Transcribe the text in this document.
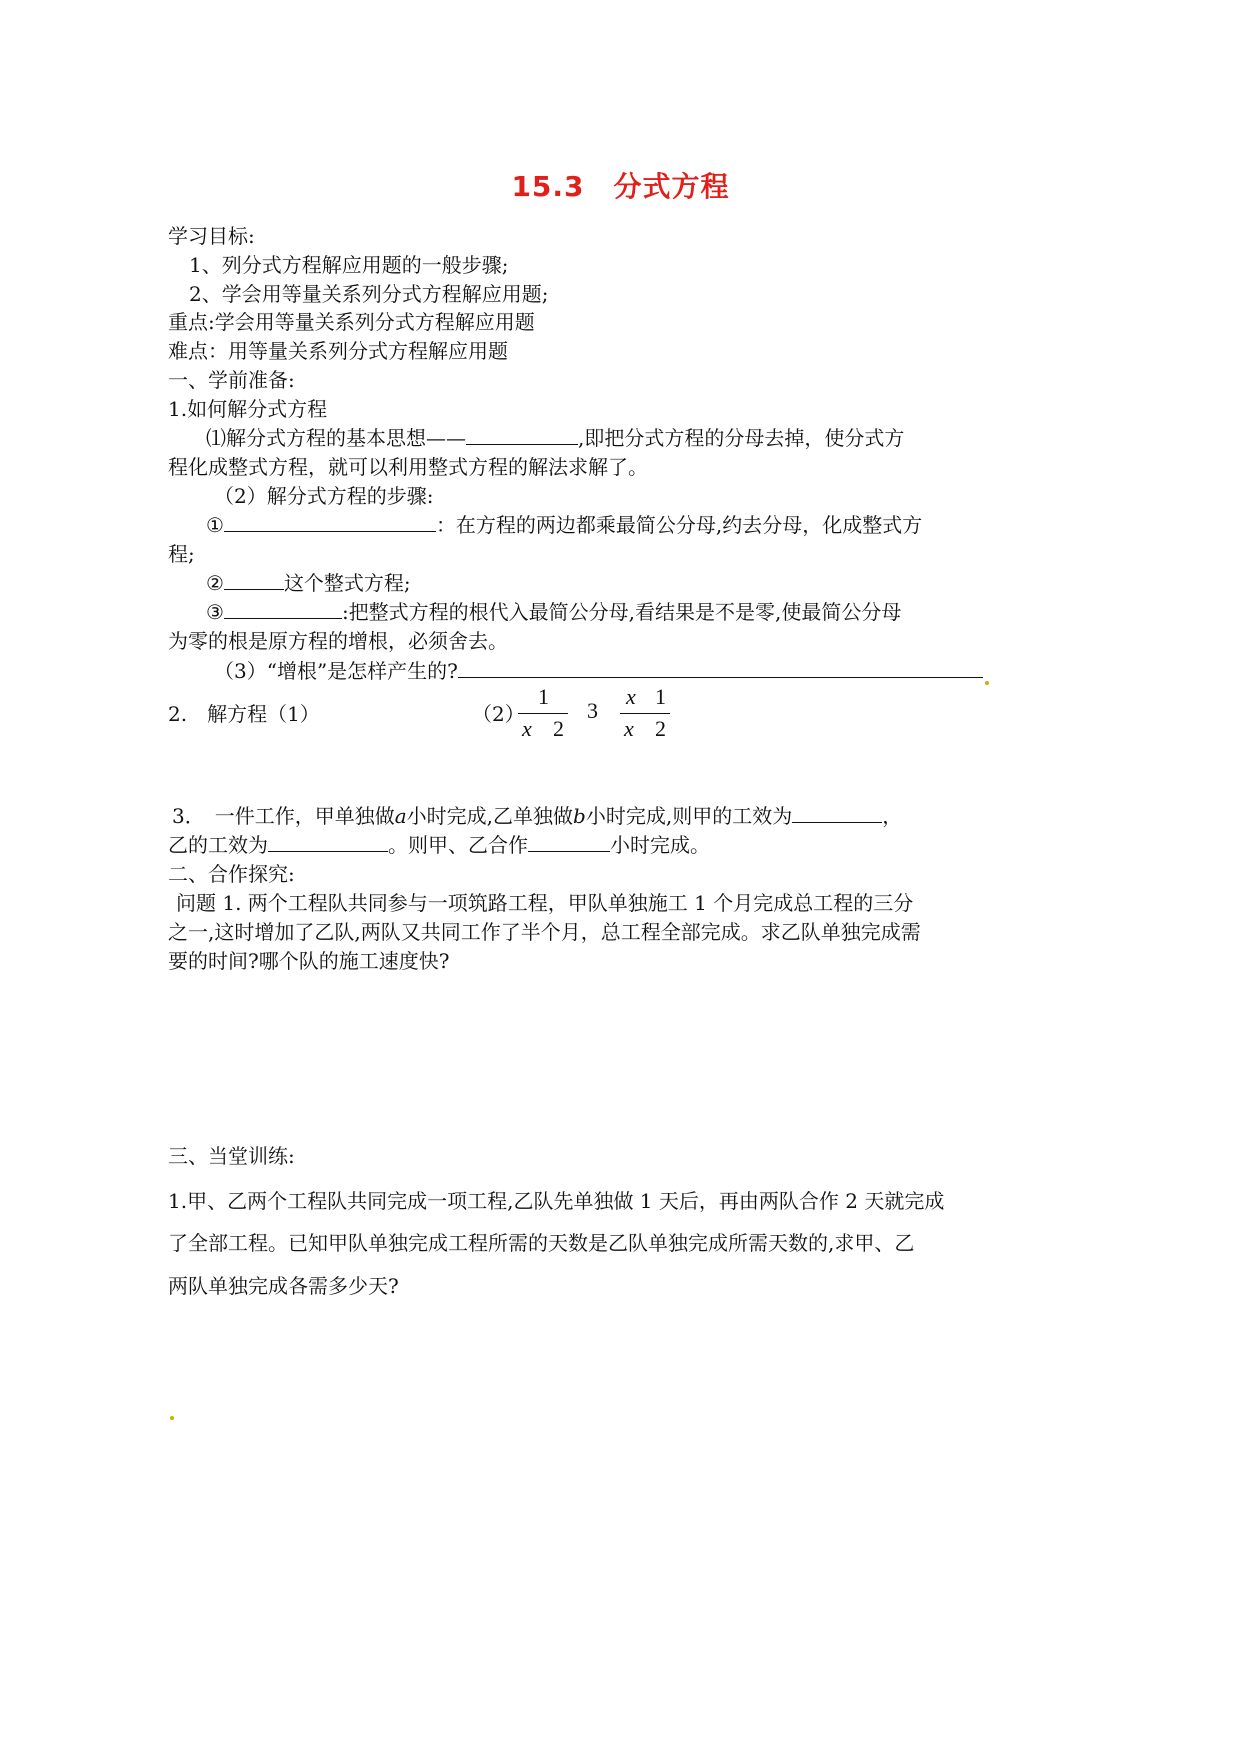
15.3　分式方程
学习目标:
1、列分式方程解应用题的一般步骤;
2、学会用等量关系列分式方程解应用题;
重点:学会用等量关系列分式方程解应用题
难点：用等量关系列分式方程解应用题
一、学前准备:
1.如何解分式方程
⑴解分式方程的基本思想——	,即把分式方程的分母去掉，使分式方
程化成整式方程，就可以利用整式方程的解法求解了。
（2）解分式方程的步骤:
①	：在方程的两边都乘最简公分母,约去分母，化成整式方
程;
②	这个整式方程;
③	:把整式方程的根代入最简公分母,看结果是不是零,使最简公分母
为零的根是原方程的增根，必须舍去。
（3）“增根”是怎样产生的?
2.　解方程（1）	（2）
1
x 2
3
x 1
x 2
3．　一件工作，甲单独做a小时完成,乙单独做b小时完成,则甲的工效为	，
乙的工效为	。则甲、乙合作	小时完成。
二、合作探究:
问题 1. 两个工程队共同参与一项筑路工程，甲队单独施工 1 个月完成总工程的三分
之一,这时增加了乙队,两队又共同工作了半个月，总工程全部完成。求乙队单独完成需
要的时间?哪个队的施工速度快?
三、当堂训练:
1.甲、乙两个工程队共同完成一项工程,乙队先单独做 1 天后，再由两队合作 2 天就完成
了全部工程。已知甲队单独完成工程所需的天数是乙队单独完成所需天数的,求甲、乙
两队单独完成各需多少天?
